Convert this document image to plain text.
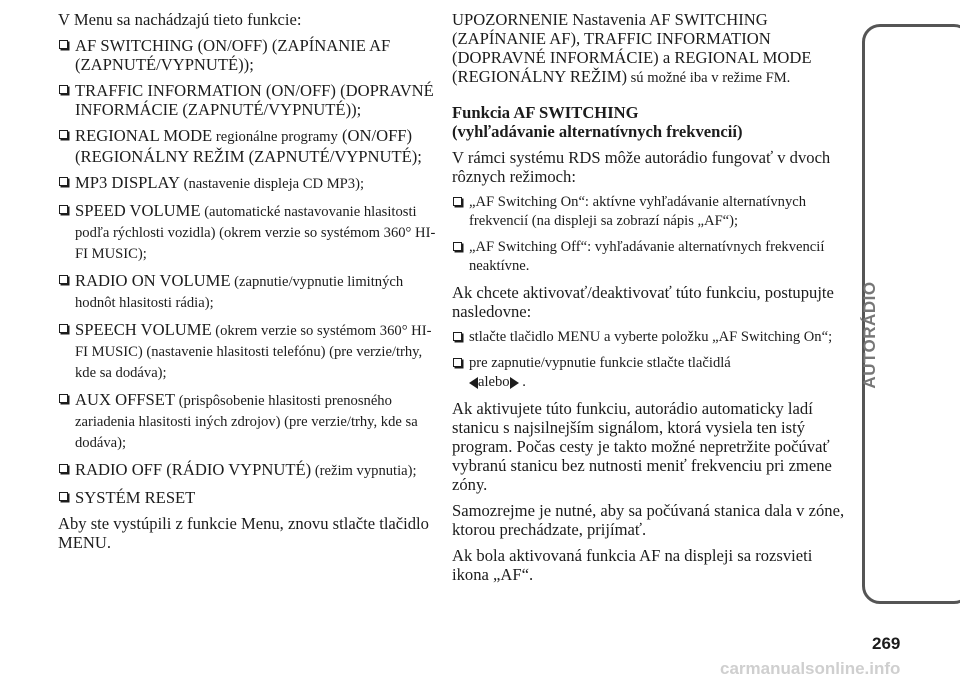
V Menu sa nachádzajú tieto funkcie:

AF SWITCHING (ON/OFF) (ZAPÍNANIE AF (ZAPNUTÉ/VYPNUTÉ));
TRAFFIC INFORMATION (ON/OFF) (DOPRAVNÉ INFORMÁCIE (ZAPNUTÉ/VYPNUTÉ));
REGIONAL MODE regionálne programy (ON/OFF) (REGIONÁLNY REŽIM (ZAPNUTÉ/VYPNUTÉ);
MP3 DISPLAY (nastavenie displeja CD MP3);
SPEED VOLUME (automatické nastavovanie hlasitosti podľa rýchlosti vozidla) (okrem verzie so systémom 360° HI-FI MUSIC);
RADIO ON VOLUME (zapnutie/vypnutie limitných hodnôt hlasitosti rádia);
SPEECH VOLUME (okrem verzie so systémom 360° HI-FI MUSIC) (nastavenie hlasitosti telefónu) (pre verzie/trhy, kde sa dodáva);
AUX OFFSET (prispôsobenie hlasitosti prenosného zariadenia hlasitosti iných zdrojov) (pre verzie/trhy, kde sa dodáva);
RADIO OFF (RÁDIO VYPNUTÉ) (režim vypnutia);
SYSTÉM RESET

Aby ste vystúpili z funkcie Menu, znovu stlačte tlačidlo MENU.

UPOZORNENIE Nastavenia AF SWITCHING (ZAPÍNANIE AF), TRAFFIC INFORMATION (DOPRAVNÉ INFORMÁCIE) a REGIONAL MODE (REGIONÁLNY REŽIM) sú možné iba v režime FM.

Funkcia AF SWITCHING
(vyhľadávanie alternatívnych frekvencií)

V rámci systému RDS môže autorádio fungovať v dvoch rôznych režimoch:

„AF Switching On“: aktívne vyhľadávanie alternatívnych frekvencií (na displeji sa zobrazí nápis „AF“);
„AF Switching Off“: vyhľadávanie alternatívnych frekvencií neaktívne.

Ak chcete aktivovať/deaktivovať túto funkciu, postupujte nasledovne:

stlačte tlačidlo MENU a vyberte položku „AF Switching On“;
pre zapnutie/vypnutie funkcie stlačte tlačidlá
alebo .

Ak aktivujete túto funkciu, autorádio automaticky ladí stanicu s najsilnejším signálom, ktorá vysiela ten istý program. Počas cesty je takto možné nepretržite počúvať vybranú stanicu bez nutnosti meniť frekvenciu pri zmene zóny.

Samozrejme je nutné, aby sa počúvaná stanica dala v zóne, ktorou prechádzate, prijímať.

Ak bola aktivovaná funkcia AF na displeji sa rozsvieti ikona „AF“.

AUTORÁDIO
269
carmanualsonline.info
